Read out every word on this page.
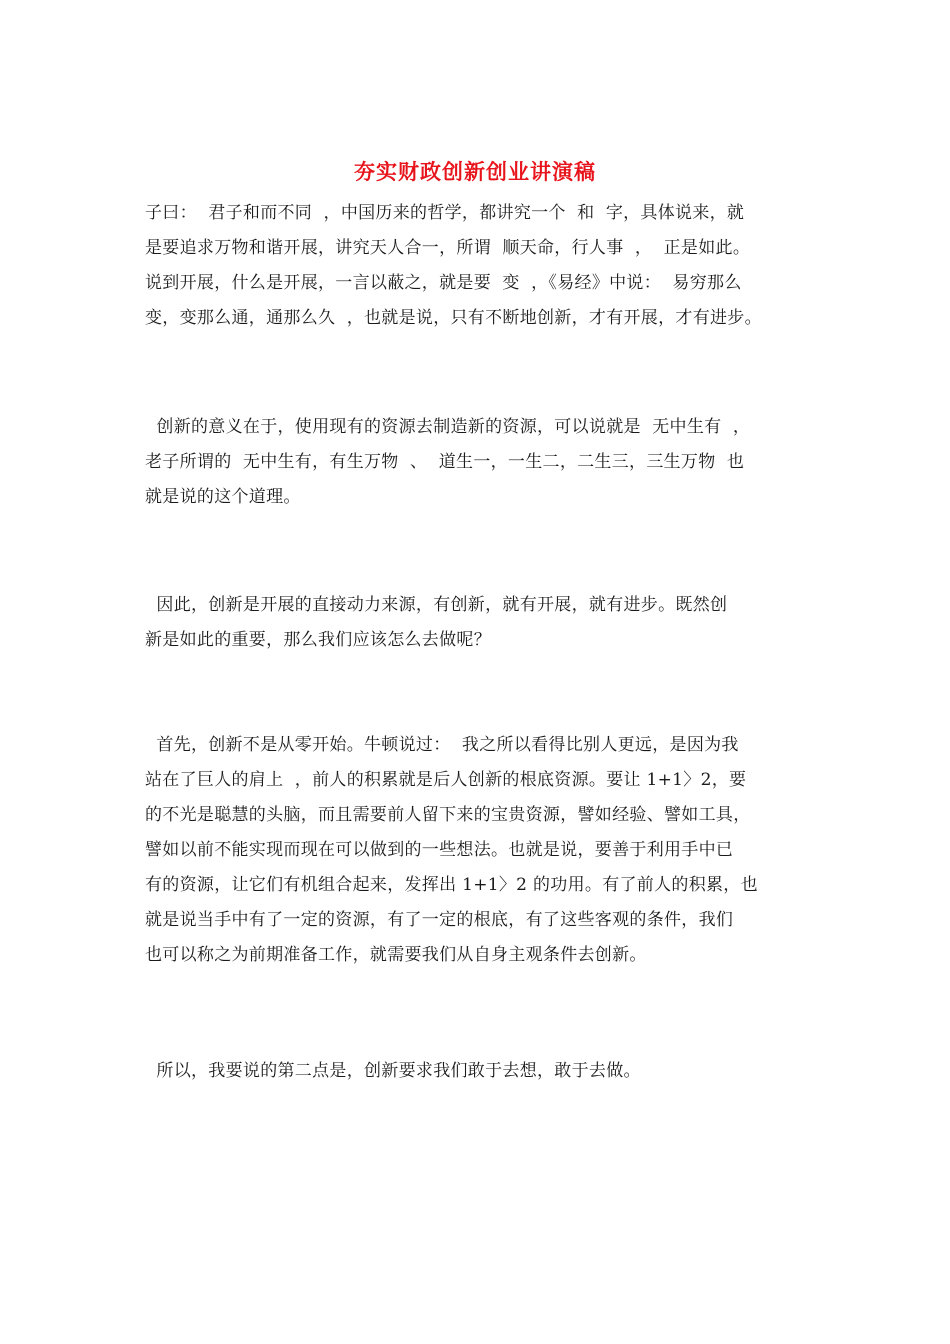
夯实财政创新创业讲演稿
子曰：  君子和而不同  ，中国历来的哲学，都讲究一个  和  字，具体说来，就
是要追求万物和谐开展，讲究天人合一，所谓  顺天命，行人事  ，  正是如此。
说到开展，什么是开展，一言以蔽之，就是要  变  ，《易经》中说：  易穷那么
变，变那么通，通那么久  ，也就是说，只有不断地创新，才有开展，才有进步。
创新的意义在于，使用现有的资源去制造新的资源，可以说就是  无中生有  ，
老子所谓的  无中生有，有生万物  、  道生一，一生二，二生三，三生万物  也
就是说的这个道理。
因此，创新是开展的直接动力来源，有创新，就有开展，就有进步。既然创
新是如此的重要，那么我们应该怎么去做呢？
首先，创新不是从零开始。牛顿说过：  我之所以看得比别人更远，是因为我
站在了巨人的肩上  ，前人的积累就是后人创新的根底资源。要让 1+1〉2，要
的不光是聪慧的头脑，而且需要前人留下来的宝贵资源，譬如经验、譬如工具，
譬如以前不能实现而现在可以做到的一些想法。也就是说，要善于利用手中已
有的资源，让它们有机组合起来，发挥出 1+1〉2 的功用。有了前人的积累，也
就是说当手中有了一定的资源，有了一定的根底，有了这些客观的条件，我们
也可以称之为前期准备工作，就需要我们从自身主观条件去创新。
所以，我要说的第二点是，创新要求我们敢于去想，敢于去做。
